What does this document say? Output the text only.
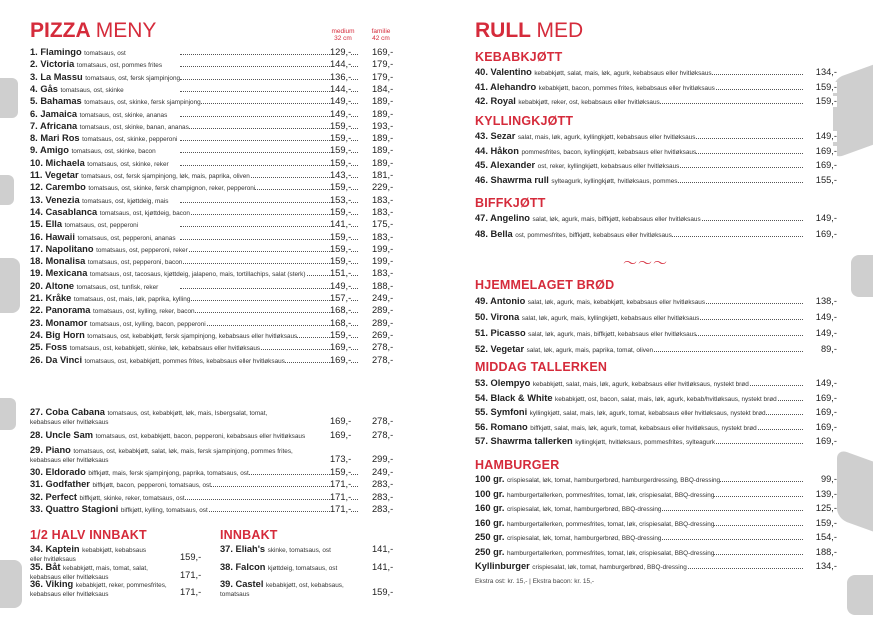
PIZZA MENY	medium
32 cm
familie
42 cm
1. Flamingo tomatsaus, ost	129,- 169,-
2. Victoria tomatsaus, ost, pommes frites	144,- 179,-
3. La Massu tomatsaus, ost, fersk sjampinjong	136,- 179,-
4. Gås tomatsaus, ost, skinke	144,- 184,-
5. Bahamas tomatsaus, ost, skinke, fersk sjampinjong	149,- 189,-
6. Jamaica tomatsaus, ost, skinke, ananas	149,- 189,-
7. Africana tomatsaus, ost, skinke, banan, ananas	159,- 193,-
8. Mari Ros tomatsaus, ost, skinke, pepperoni	159,- 189,-
9. Amigo tomatsaus, ost, skinke, bacon	159,- 189,-
10. Michaela tomatsaus, ost, skinke, reker	159,- 189,-
11. Vegetar tomatsaus, ost, fersk sjampinjong, løk, mais, paprika, oliven	143,- 181,-
12. Carembo tomatsaus, ost, skinke, fersk champignon, reker, pepperoni	159,- 229,-
13. Venezia tomatsaus, ost, kjøttdeig, mais	153,- 183,-
14. Casablanca tomatsaus, ost, kjøttdeig, bacon	159,- 183,-
15. Ella tomatsaus, ost, pepperoni	141,- 175,-
16. Hawaii tomatsaus, ost, pepperoni, ananas	159,- 183,-
17. Napolitano tomatsaus, ost, pepperoni, reker	159,- 199,-
18. Monalisa tomatsaus, ost, pepperoni, bacon	159,- 199,-
19. Mexicana tomatsaus, ost, tacosaus, kjøttdeig, jalapeno, mais, tortillachips, salat (sterk)	151,- 183,-
20. Altone tomatsaus, ost, tunfisk, reker	149,- 188,-
21. Kråke tomatsaus, ost, mais, løk, paprika, kylling	157,- 249,-
22. Panorama tomatsaus, ost, kylling, reker, bacon	168,- 289,-
23. Monamor tomatsaus, ost, kylling, bacon, pepperoni	168,- 289,-
24. Big Horn tomatsaus, ost, kebabkjøtt, fersk sjampinjong, kebabsaus eller hvitløksaus	159,- 269,-
25. Foss tomatsaus, ost, kebabkjøtt, skinke, løk, kebabsaus eller hvitløksaus	169,- 278,-
26. Da Vinci tomatsaus, ost, kebabkjøtt, pommes frites, kebabsaus eller hvitløksaus	169,- 278,-
27. Coba Cabana tomatsaus, ost, kebabkjøtt, løk, mais, Isbergsalat, tomat,
kebabsaus eller hvitløksaus	169,- 278,-
28. Uncle Sam tomatsaus, ost, kebabkjøtt, bacon, pepperoni, kebabsaus eller hvitløksaus	169,- 278,-
29. Piano tomatsaus, ost, kebabkjøtt, salat, løk, mais, fersk sjampinjong, pommes frites,
kebabsaus eller hvitløksaus	173,- 299,-
30. Eldorado biffkjøtt, mais, fersk sjampinjong, paprika, tomatsaus, ost	159,- 249,-
31. Godfather biffkjøtt, bacon, pepperoni, tomatsaus, ost	171,- 283,-
32. Perfect biffkjøtt, skinke, reker, tomatsaus, ost	171,- 283,-
33. Quattro Stagioni biffkjøtt, kylling, tomatsaus, ost	171,- 283,-
1/2 HALV INNBAKT	INNBAKT
34. Kaptein kebabkjøtt, kebabsaus
eller hvitløksaus	159,-
35. Båt kebabkjøtt, mais, tomat, salat,
kebabsaus eller hvitløksaus	171,-
36. Viking kebabkjøtt, reker, pommesfrites,
kebabsaus eller hvitløksaus	171,-
37. Eliah's skinke, tomatsaus, ost	141,-
38. Falcon kjøttdeig, tomatsaus, ost	141,-
39. Castel kebabkjøtt, ost, kebabsaus,
tomatsaus	159,-
RULL MED
KEBABKJØTT
KYLLINGKJØTT
BIFFKJØTT
〜〜〜
HJEMMELAGET BRØD
MIDDAG TALLERKEN
HAMBURGER
40. Valentino kebabkjøtt, salat, mais, løk, agurk, kebabsaus eller hvitløksaus	134,-
41. Alehandro kebabkjøtt, bacon, pommes frites, kebabsaus eller hvitløksaus	159,-
42. Royal kebabkjøtt, reker, ost, kebabsaus eller hvitløksaus	159,-
43. Sezar salat, mais, løk, agurk, kyllingkjøtt, kebabsaus eller hvitløksaus	149,-
44. Håkon pommesfrites, bacon, kyllingkjøtt, kebabsaus eller hvitløksaus	169,-
45. Alexander ost, reker, kyllingkjøtt, kebabsaus eller hvitløksaus	169,-
46. Shawrma rull sylteagurk, kyllingkjøtt, hvitløksaus, pommes	155,-
47. Angelino salat, løk, agurk, mais, biffkjøtt, kebabsaus eller hvitløksaus	149,-
48. Bella ost, pommesfrites, biffkjøtt, kebabsaus eller hvitløksaus	169,-
49. Antonio salat, løk, agurk, mais, kebabkjøtt, kebabsaus eller hvitløksaus	138,-
50. Virona salat, løk, agurk, mais, kyllingkjøtt, kebabsaus eller hvitløksaus	149,-
51. Picasso salat, løk, agurk, mais, biffkjøtt, kebabsaus eller hvitløksaus	149,-
52. Vegetar salat, løk, agurk, mais, paprika, tomat, oliven	89,-
53. Olempyo kebabkjøtt, salat, mais, løk, agurk, kebabsaus eller hvitløksaus, nystekt brød	149,-
54. Black & White kebabkjøtt, ost, bacon, salat, mais, løk, agurk, kebab/hvitløksaus, nystekt brød	169,-
55. Symfoni kyllingkjøtt, salat, mais, løk, agurk, tomat, kebabsaus eller hvitløksaus, nystekt brød	169,-
56. Romano biffkjøtt, salat, mais, løk, agurk, tomat, kebabsaus eller hvitløksaus, nystekt brød	169,-
57. Shawrma tallerken kyllingkjøtt, hvitløksaus, pommesfrites, sylteagurk	169,-
100 gr. crispiesalat, løk, tomat, hamburgerbrød, hamburgerdressing, BBQ-dressing	99,-
100 gr. hamburgertallerken, pommesfrites, tomat, løk, crispiesalat, BBQ-dressing	139,-
160 gr. crispiesalat, løk, tomat, hamburgerbrød, BBQ-dressing	125,-
160 gr. hamburgertallerken, pommesfrites, tomat, løk, crispiesalat, BBQ-dressing	159,-
250 gr. crispiesalat, løk, tomat, hamburgerbrød, BBQ-dressing	154,-
250 gr. hamburgertallerken, pommesfrites, tomat, løk, crispiesalat, BBQ-dressing	188,-
Kyllinburger crispiesalat, løk, tomat, hamburgerbrød, BBQ-dressing	134,-
Ekstra ost: kr. 15,- | Ekstra bacon: kr. 15,-
